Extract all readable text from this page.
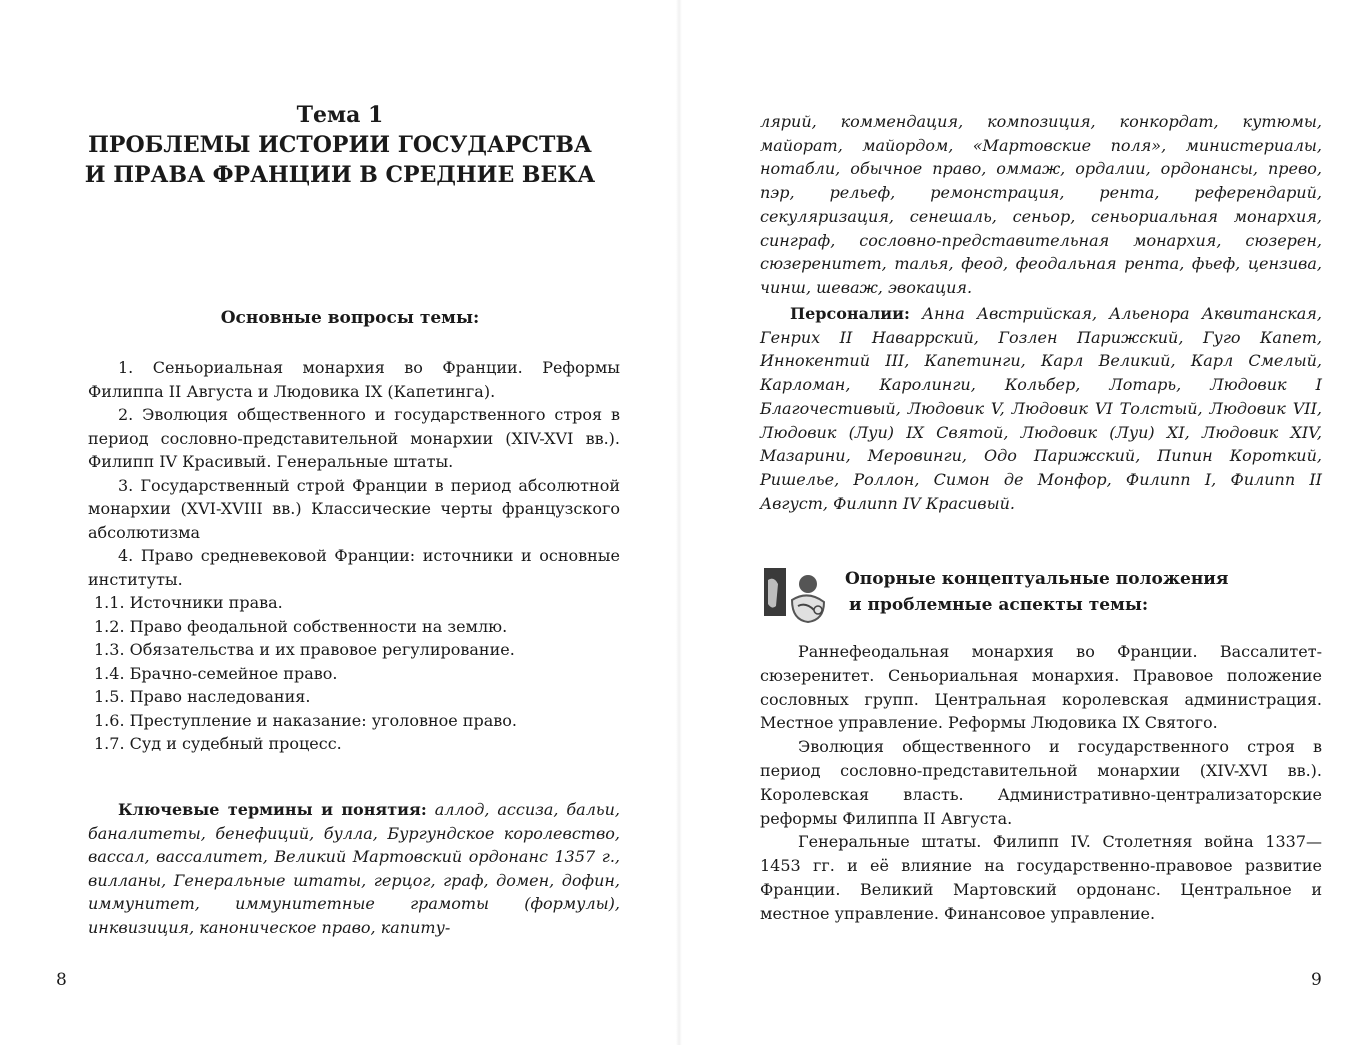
Тема 1
ПРОБЛЕМЫ ИСТОРИИ ГОСУДАРСТВА
И ПРАВА ФРАНЦИИ В СРЕДНИЕ ВЕКА
Основные вопросы темы:

1. Сеньориальная монархия во Франции. Реформы Филиппа II Августа и Людовика IX (Капетинга).

2. Эволюция общественного и государственного строя в период сословно-представительной монархии (XIV-XVI вв.). Филипп IV Красивый. Генеральные штаты.

3. Государственный строй Франции в период абсолютной монархии (XVI-XVIII вв.) Классические черты французского абсолютизма

4. Право средневековой Франции: источники и основные институты.

1.1. Источники права.

1.2. Право феодальной собственности на землю.

1.3. Обязательства и их правовое регулирование.

1.4. Брачно-семейное право.

1.5. Право наследования.

1.6. Преступление и наказание: уголовное право.

1.7. Суд и судебный процесс.

Ключевые термины и понятия: аллод, ассиза, бальи, баналитеты, бенефиций, булла, Бургундское королевство, вассал, вассалитет, Великий Мартовский ордонанс 1357 г., вилланы, Генеральные штаты, герцог, граф, домен, дофин, иммунитет, иммунитетные грамоты (формулы), инквизиция, каноническое право, капиту-

8

лярий, коммендация, композиция, конкордат, кутюмы, майорат, майордом, «Мартовские поля», министериалы, нотабли, обычное право, оммаж, ордалии, ордонансы, прево, пэр, рельеф, ремонстрация, рента, референдарий, секуляризация, сенешаль, сеньор, сеньориальная монархия, синграф, сословно-представительная монархия, сюзерен, сюзеренитет, талья, феод, феодальная рента, фьеф, цензива, чинш, шеваж, эвокация.

Персоналии: Анна Австрийская, Альенора Аквитанская, Генрих II Наваррский, Гозлен Парижский, Гуго Капет, Иннокентий III, Капетинги, Карл Великий, Карл Смелый, Карломан, Каролинги, Кольбер, Лотарь, Людовик I Благочестивый, Людовик V, Людовик VI Толстый, Людовик VII, Людовик (Луи) IX Святой, Людовик (Луи) XI, Людовик XIV, Мазарини, Меровинги, Одо Парижский, Пипин Короткий, Ришелье, Роллон, Симон де Монфор, Филипп I, Филипп II Август, Филипп IV Красивый.

Опорные концептуальные положения
и проблемные аспекты темы:

Раннефеодальная монархия во Франции. Вассалитет-сюзеренитет. Сеньориальная монархия. Правовое положение сословных групп. Центральная королевская администрация. Местное управление. Реформы Людовика IX Святого.

Эволюция общественного и государственного строя в период сословно-представительной монархии (XIV-XVI вв.). Королевская власть. Административно-централизаторские реформы Филиппа II Августа.

Генеральные штаты. Филипп IV. Столетняя война 1337—1453 гг. и её влияние на государственно-правовое развитие Франции. Великий Мартовский ордонанс. Центральное и местное управление. Финансовое управление.

9
